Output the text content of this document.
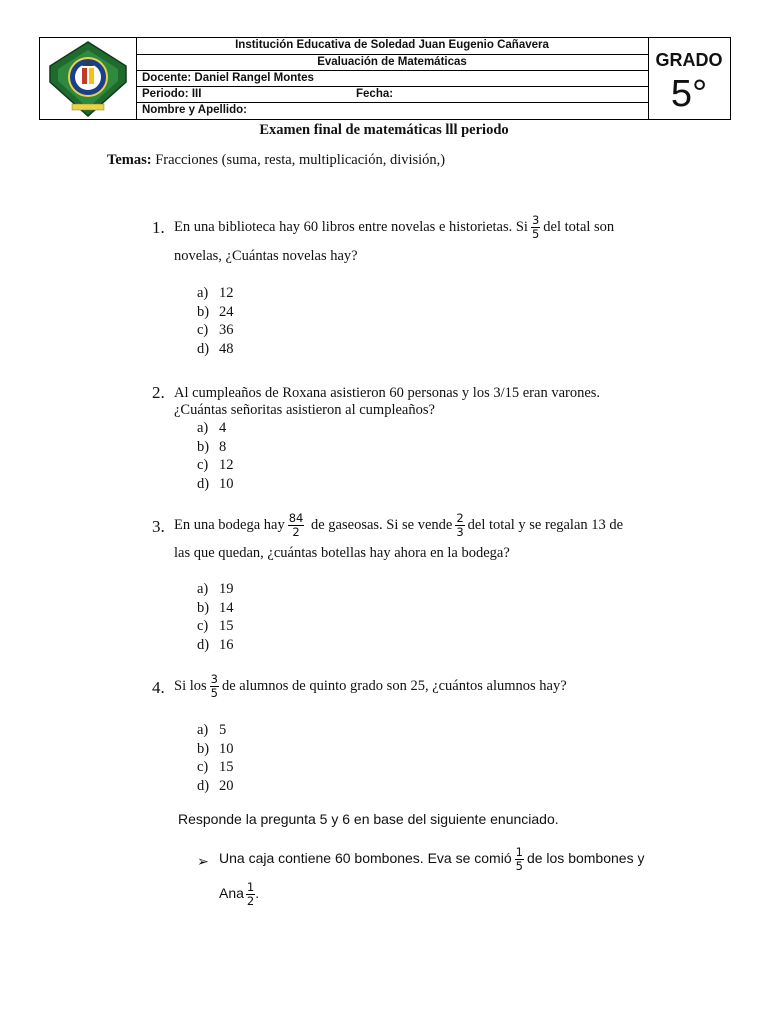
Institución Educativa de Soledad Juan Eugenio Cañavera
Evaluación de Matemáticas
Docente: Daniel Rangel Montes
Periodo: III	Fecha:
Nombre y Apellido:
GRADO
5°
Examen final de matemáticas lll periodo
Temas: Fracciones (suma, resta, multiplicación, división,)
1. En una biblioteca hay 60 libros entre novelas e historietas. Si $\frac{3}{5}$ del total son
novelas, ¿Cuántas novelas hay?
a) 12
b) 24
c) 36
d) 48
2. Al cumpleaños de Roxana asistieron 60 personas y los 3/15 eran varones.
¿Cuántas señoritas asistieron al cumpleaños?
a) 4
b) 8
c) 12
d) 10
3. En una bodega hay $\frac{84}{2}$ de gaseosas. Si se vende $\frac{2}{3}$ del total y se regalan 13 de
las que quedan, ¿cuántas botellas hay ahora en la bodega?
a) 19
b) 14
c) 15
d) 16
4. Si los $\frac{3}{5}$ de alumnos de quinto grado son 25, ¿cuántos alumnos hay?
a) 5
b) 10
c) 15
d) 20
Responde la pregunta 5 y 6 en base del siguiente enunciado.
➢ Una caja contiene 60 bombones. Eva se comió $\frac{1}{5}$ de los bombones y
Ana $\frac{1}{2}$ .
